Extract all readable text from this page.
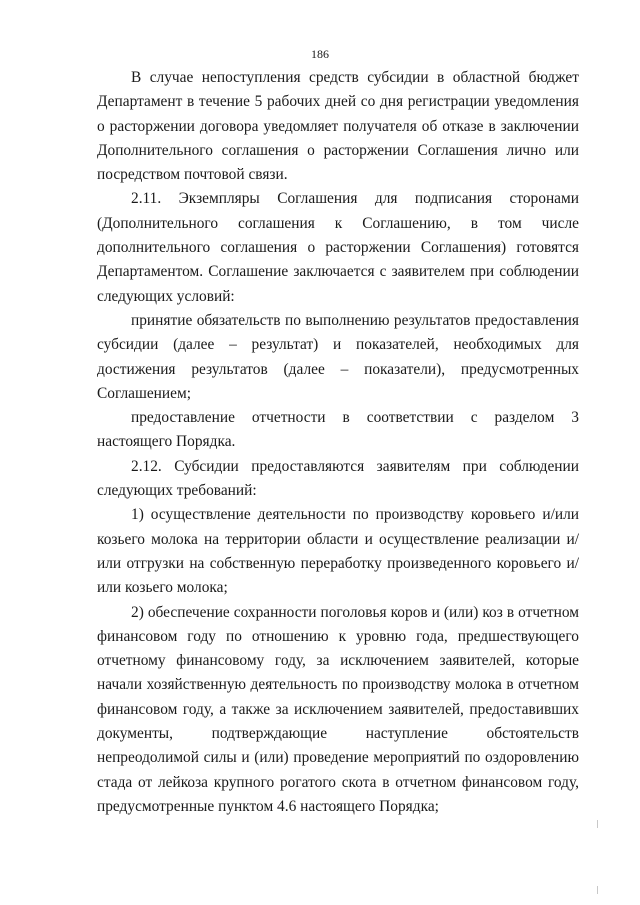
186

В случае непоступления средств субсидии в областной бюджет Департамент в течение 5 рабочих дней со дня регистрации уведомления о расторжении договора уведомляет получателя об отказе в заключении Дополнительного соглашения о расторжении Соглашения лично или посредством почтовой связи.

2.11. Экземпляры Соглашения для подписания сторонами (Дополнительного соглашения к Соглашению, в том числе дополнительного соглашения о расторжении Соглашения) готовятся Департаментом. Соглашение заключается с заявителем при соблюдении следующих условий:

принятие обязательств по выполнению результатов предоставления субсидии (далее – результат) и показателей, необходимых для достижения результатов (далее – показатели), предусмотренных Соглашением;

предоставление отчетности в соответствии с разделом 3 настоящего Порядка.

2.12. Субсидии предоставляются заявителям при соблюдении следующих требований:

1) осуществление деятельности по производству коровьего и/или козьего молока на территории области и осуществление реализации и/или отгрузки на собственную переработку произведенного коровьего и/или козьего молока;

2) обеспечение сохранности поголовья коров и (или) коз в отчетном финансовом году по отношению к уровню года, предшествующего отчетному финансовому году, за исключением заявителей, которые начали хозяйственную деятельность по производству молока в отчетном финансовом году, а также за исключением заявителей, предоставивших документы, подтверждающие наступление обстоятельств непреодолимой силы и (или) проведение мероприятий по оздоровлению стада от лейкоза крупного рогатого скота в отчетном финансовом году, предусмотренные пунктом 4.6 настоящего Порядка;
